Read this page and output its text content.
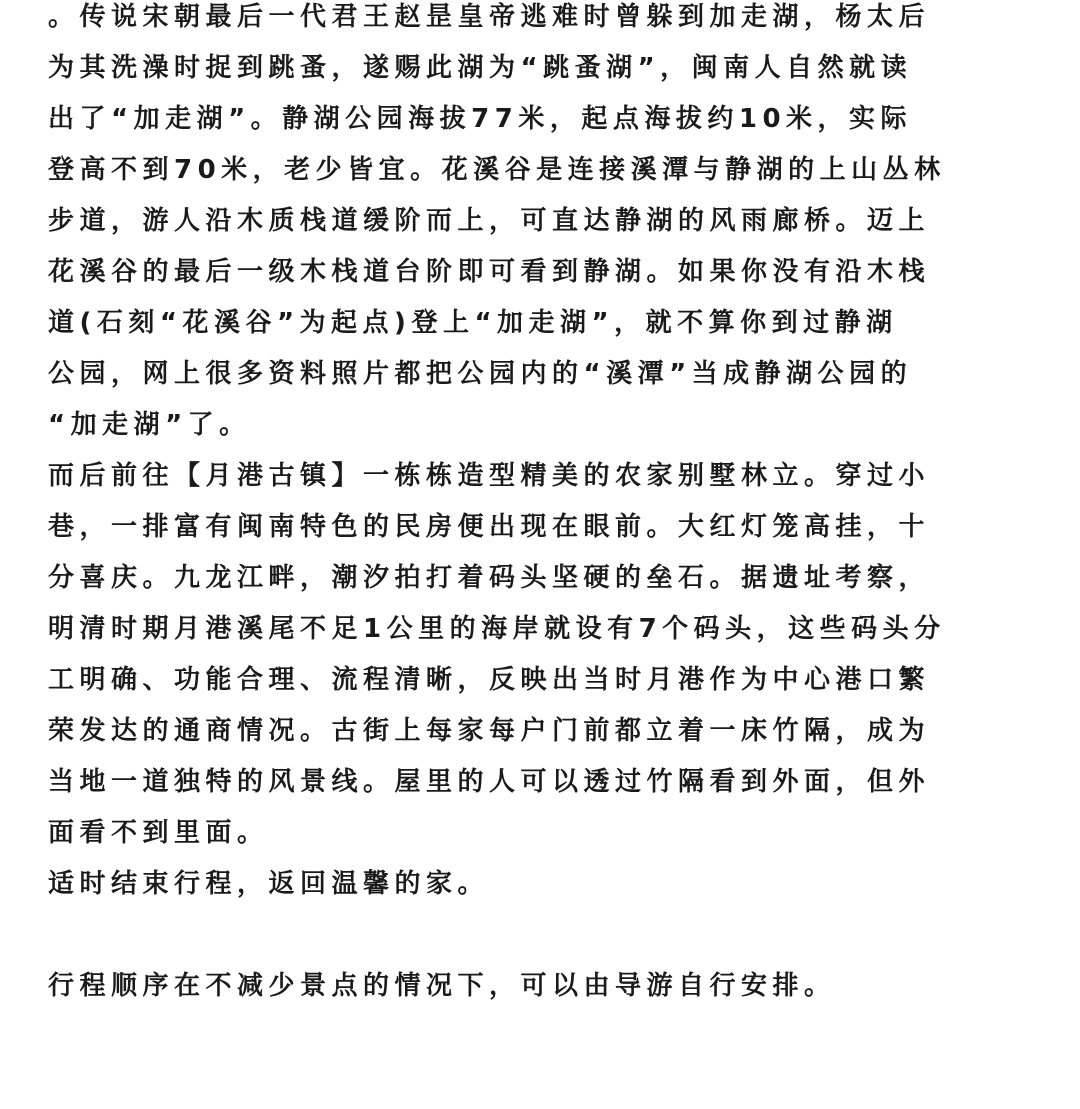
。传说宋朝最后一代君王赵昰皇帝逃难时曾躲到加走湖，杨太后
为其洗澡时捉到跳蚤，遂赐此湖为“跳蚤湖”，闽南人自然就读
出了“加走湖”。静湖公园海拔77米，起点海拔约10米，实际
登高不到70米，老少皆宜。花溪谷是连接溪潭与静湖的上山丛林
步道，游人沿木质栈道缓阶而上，可直达静湖的风雨廊桥。迈上
花溪谷的最后一级木栈道台阶即可看到静湖。如果你没有沿木栈
道(石刻“花溪谷”为起点)登上“加走湖”，就不算你到过静湖
公园，网上很多资料照片都把公园内的“溪潭”当成静湖公园的
“加走湖”了。
而后前往【月港古镇】一栋栋造型精美的农家别墅林立。穿过小
巷，一排富有闽南特色的民房便出现在眼前。大红灯笼高挂，十
分喜庆。九龙江畔，潮汐拍打着码头坚硬的垒石。据遗址考察，
明清时期月港溪尾不足1公里的海岸就设有7个码头，这些码头分
工明确、功能合理、流程清晰，反映出当时月港作为中心港口繁
荣发达的通商情况。古街上每家每户门前都立着一床竹隔，成为
当地一道独特的风景线。屋里的人可以透过竹隔看到外面，但外
面看不到里面。
适时结束行程，返回温馨的家。
行程顺序在不减少景点的情况下，可以由导游自行安排。
